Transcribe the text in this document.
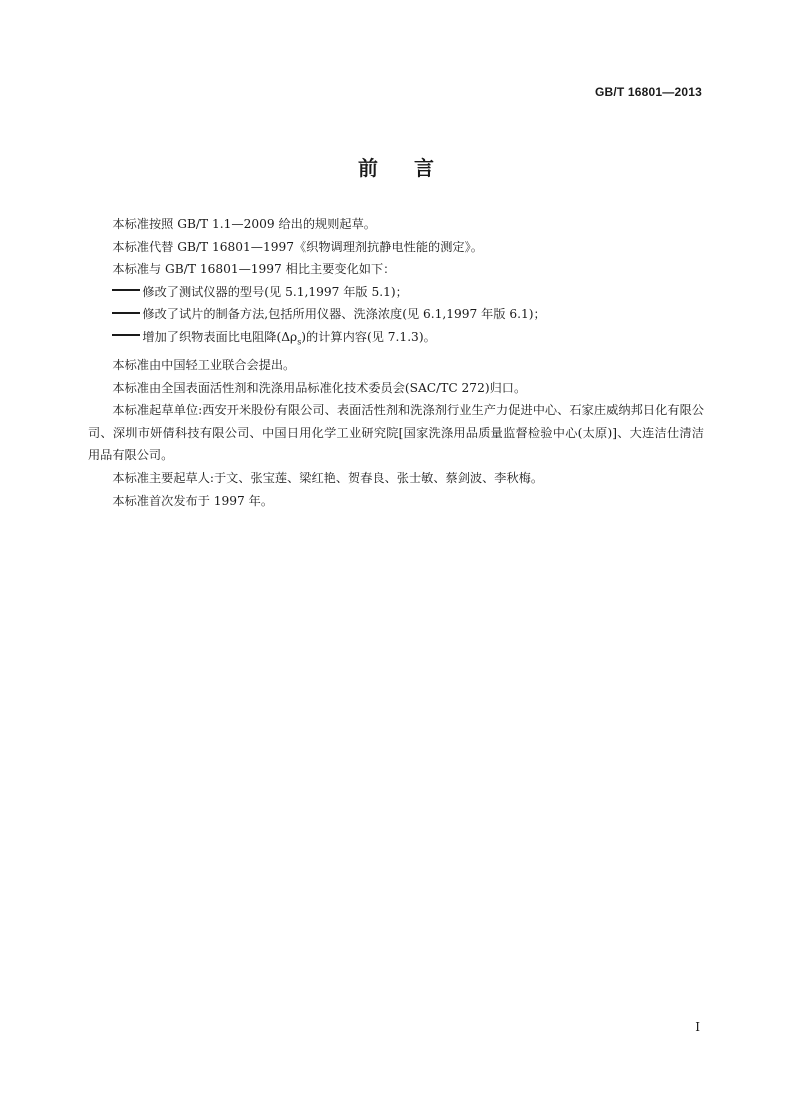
GB/T 16801—2013
前言

本标准按照 GB/T 1.1—2009 给出的规则起草。

本标准代替 GB/T 16801—1997《织物调理剂抗静电性能的测定》。

本标准与 GB/T 16801—1997 相比主要变化如下：

修改了测试仪器的型号(见 5.1,1997 年版 5.1)；

修改了试片的制备方法,包括所用仪器、洗涤浓度(见 6.1,1997 年版 6.1)；

增加了织物表面比电阻降$(\Delta\rho_s)$的计算内容(见 7.1.3)。

本标准由中国轻工业联合会提出。

本标准由全国表面活性剂和洗涤用品标准化技术委员会(SAC/TC 272)归口。

本标准起草单位:西安开米股份有限公司、表面活性剂和洗涤剂行业生产力促进中心、石家庄威纳邦日化有限公司、深圳市妍倩科技有限公司、中国日用化学工业研究院[国家洗涤用品质量监督检验中心(太原)]、大连洁仕清洁用品有限公司。

本标准主要起草人:于文、张宝莲、梁红艳、贺春良、张士敏、蔡剑波、李秋梅。

本标准首次发布于 1997 年。

I
